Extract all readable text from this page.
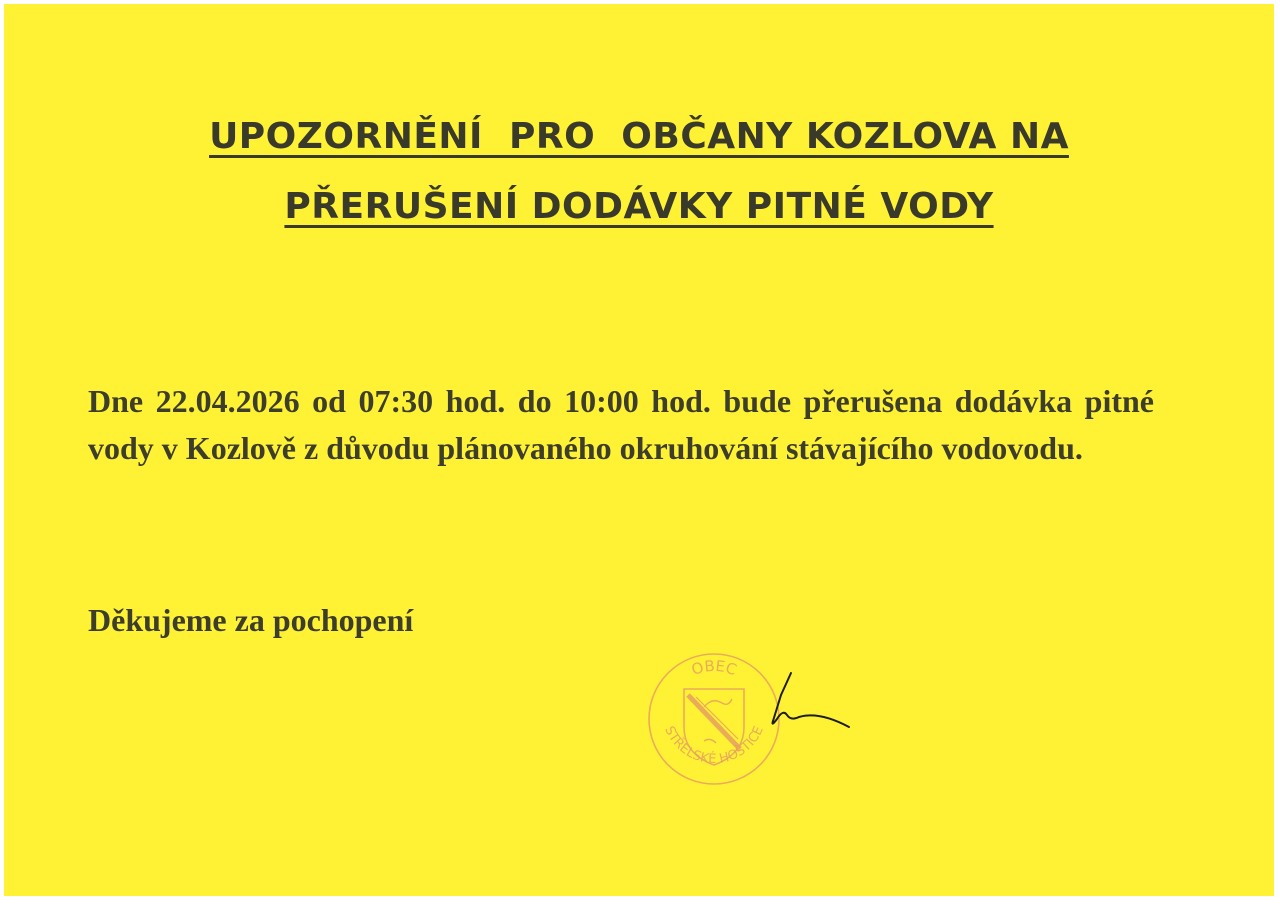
UPOZORNĚNÍ  PRO  OBČANY KOZLOVA NA
PŘERUŠENÍ DODÁVKY PITNÉ VODY
Dne 22.04.2026 od 07:30 hod. do 10:00 hod. bude přerušena dodávka pitné vody v Kozlově z důvodu plánovaného okruhování stávajícího vodovodu.
Děkujeme za pochopení
OBEC
STŘELSKÉ HOŠTICE
